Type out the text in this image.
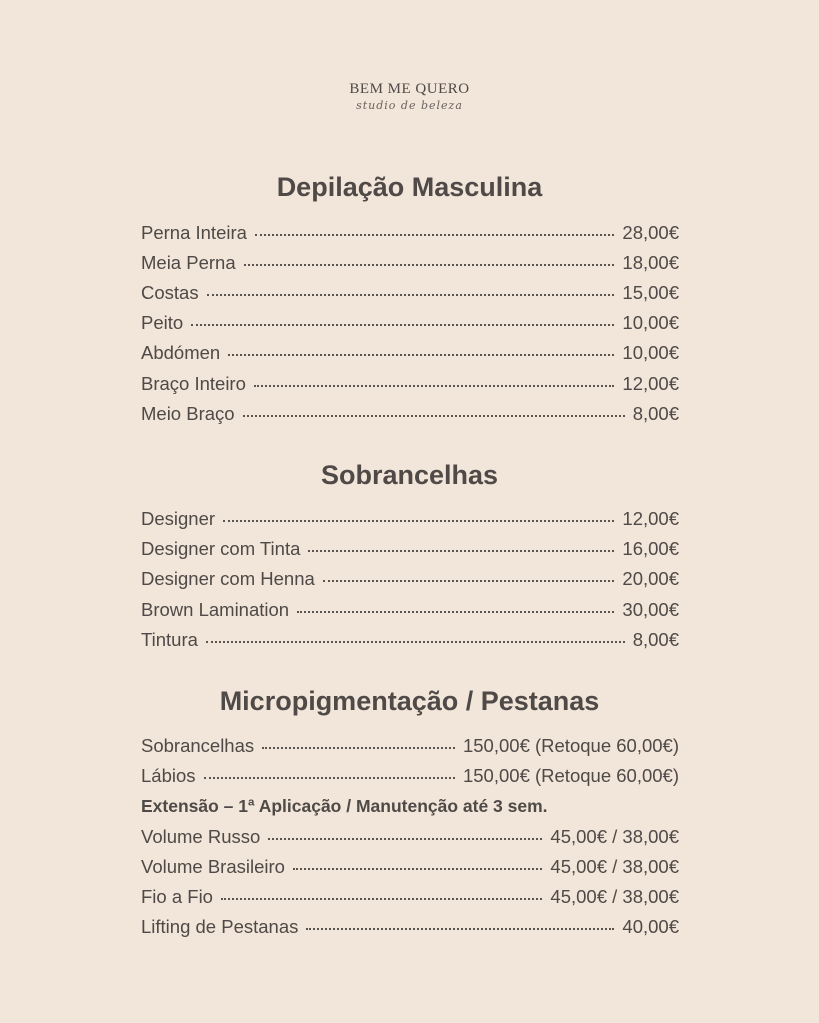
BEM ME QUERO
studio de beleza
Depilação Masculina
Perna Inteira	28,00€
Meia Perna	18,00€
Costas	15,00€
Peito	10,00€
Abdómen	10,00€
Braço Inteiro	12,00€
Meio Braço	8,00€
Sobrancelhas
Designer	12,00€
Designer com Tinta	16,00€
Designer com Henna	20,00€
Brown Lamination	30,00€
Tintura	8,00€
Micropigmentação / Pestanas
Sobrancelhas	150,00€ (Retoque 60,00€)
Lábios	150,00€ (Retoque 60,00€)
Extensão – 1ª Aplicação / Manutenção até 3 sem.
Volume Russo	45,00€ / 38,00€
Volume Brasileiro	45,00€ / 38,00€
Fio a Fio	45,00€ / 38,00€
Lifting de Pestanas	40,00€
